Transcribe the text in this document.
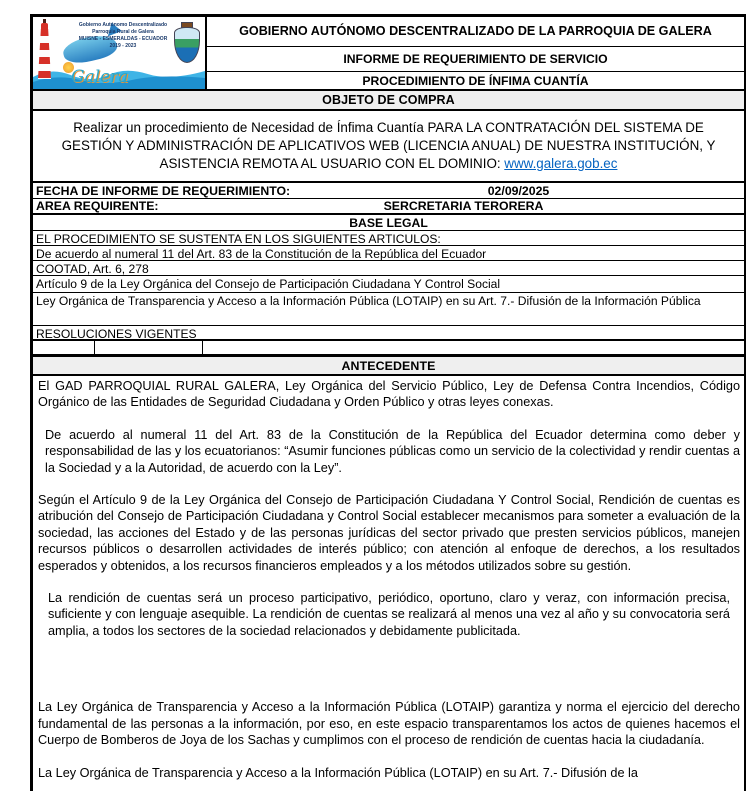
Gobierno Autónomo Descentralizado Parroquia Rural de Galera
MUISNE - ESMERALDAS - ECUADOR
2019 - 2023
Galera
GOBIERNO AUTÓNOMO DESCENTRALIZADO DE LA PARROQUIA DE GALERA
INFORME DE REQUERIMIENTO DE SERVICIO
PROCEDIMIENTO DE ÍNFIMA CUANTÍA
OBJETO DE COMPRA
Realizar un procedimiento de Necesidad de Ínfima Cuantía PARA LA CONTRATACIÓN DEL SISTEMA DE GESTIÓN Y ADMINISTRACIÓN DE APLICATIVOS WEB (LICENCIA ANUAL) DE NUESTRA INSTITUCIÓN, Y ASISTENCIA REMOTA AL USUARIO CON EL DOMINIO: www.galera.gob.ec
FECHA DE INFORME DE REQUERIMIENTO:	02/09/2025
AREA REQUIRENTE:	SERCRETARIA TERORERA
BASE LEGAL
EL PROCEDIMIENTO SE SUSTENTA EN LOS SIGUIENTES ARTICULOS:
De acuerdo al numeral 11 del Art. 83 de la Constitución de la República del Ecuador
COOTAD, Art. 6, 278
Artículo 9 de la Ley Orgánica del Consejo de Participación Ciudadana Y Control Social
Ley Orgánica de Transparencia y Acceso a la Información Pública (LOTAIP) en su Art. 7.- Difusión de la Información Pública
RESOLUCIONES VIGENTES
ANTECEDENTE

El GAD PARROQUIAL RURAL GALERA, Ley Orgánica del Servicio Público, Ley de Defensa Contra Incendios, Código Orgánico de las Entidades de Seguridad Ciudadana y Orden Público y otras leyes conexas.

De acuerdo al numeral 11 del Art. 83 de la Constitución de la República del Ecuador determina como deber y responsabilidad de las y los ecuatorianos: “Asumir funciones públicas como un servicio de la colectividad y rendir cuentas a la Sociedad y a la Autoridad, de acuerdo con la Ley”.

Según el Artículo 9 de la Ley Orgánica del Consejo de Participación Ciudadana Y Control Social, Rendición de cuentas es atribución del Consejo de Participación Ciudadana y Control Social establecer mecanismos para someter a evaluación de la sociedad, las acciones del Estado y de las personas jurídicas del sector privado que presten servicios públicos, manejen recursos públicos o desarrollen actividades de interés público; con atención al enfoque de derechos, a los resultados esperados y obtenidos, a los recursos financieros empleados y a los métodos utilizados sobre su gestión.

La rendición de cuentas será un proceso participativo, periódico, oportuno, claro y veraz, con información precisa, suficiente y con lenguaje asequible. La rendición de cuentas se realizará al menos una vez al año y su convocatoria será amplia, a todos los sectores de la sociedad relacionados y debidamente publicitada.

La Ley Orgánica de Transparencia y Acceso a la Información Pública (LOTAIP) garantiza y norma el ejercicio del derecho fundamental de las personas a la información, por eso, en este espacio transparentamos los actos de quienes hacemos el Cuerpo de Bomberos de Joya de los Sachas y cumplimos con el proceso de rendición de cuentas hacia la ciudadanía.

La Ley Orgánica de Transparencia y Acceso a la Información Pública (LOTAIP) en su Art. 7.- Difusión de la
